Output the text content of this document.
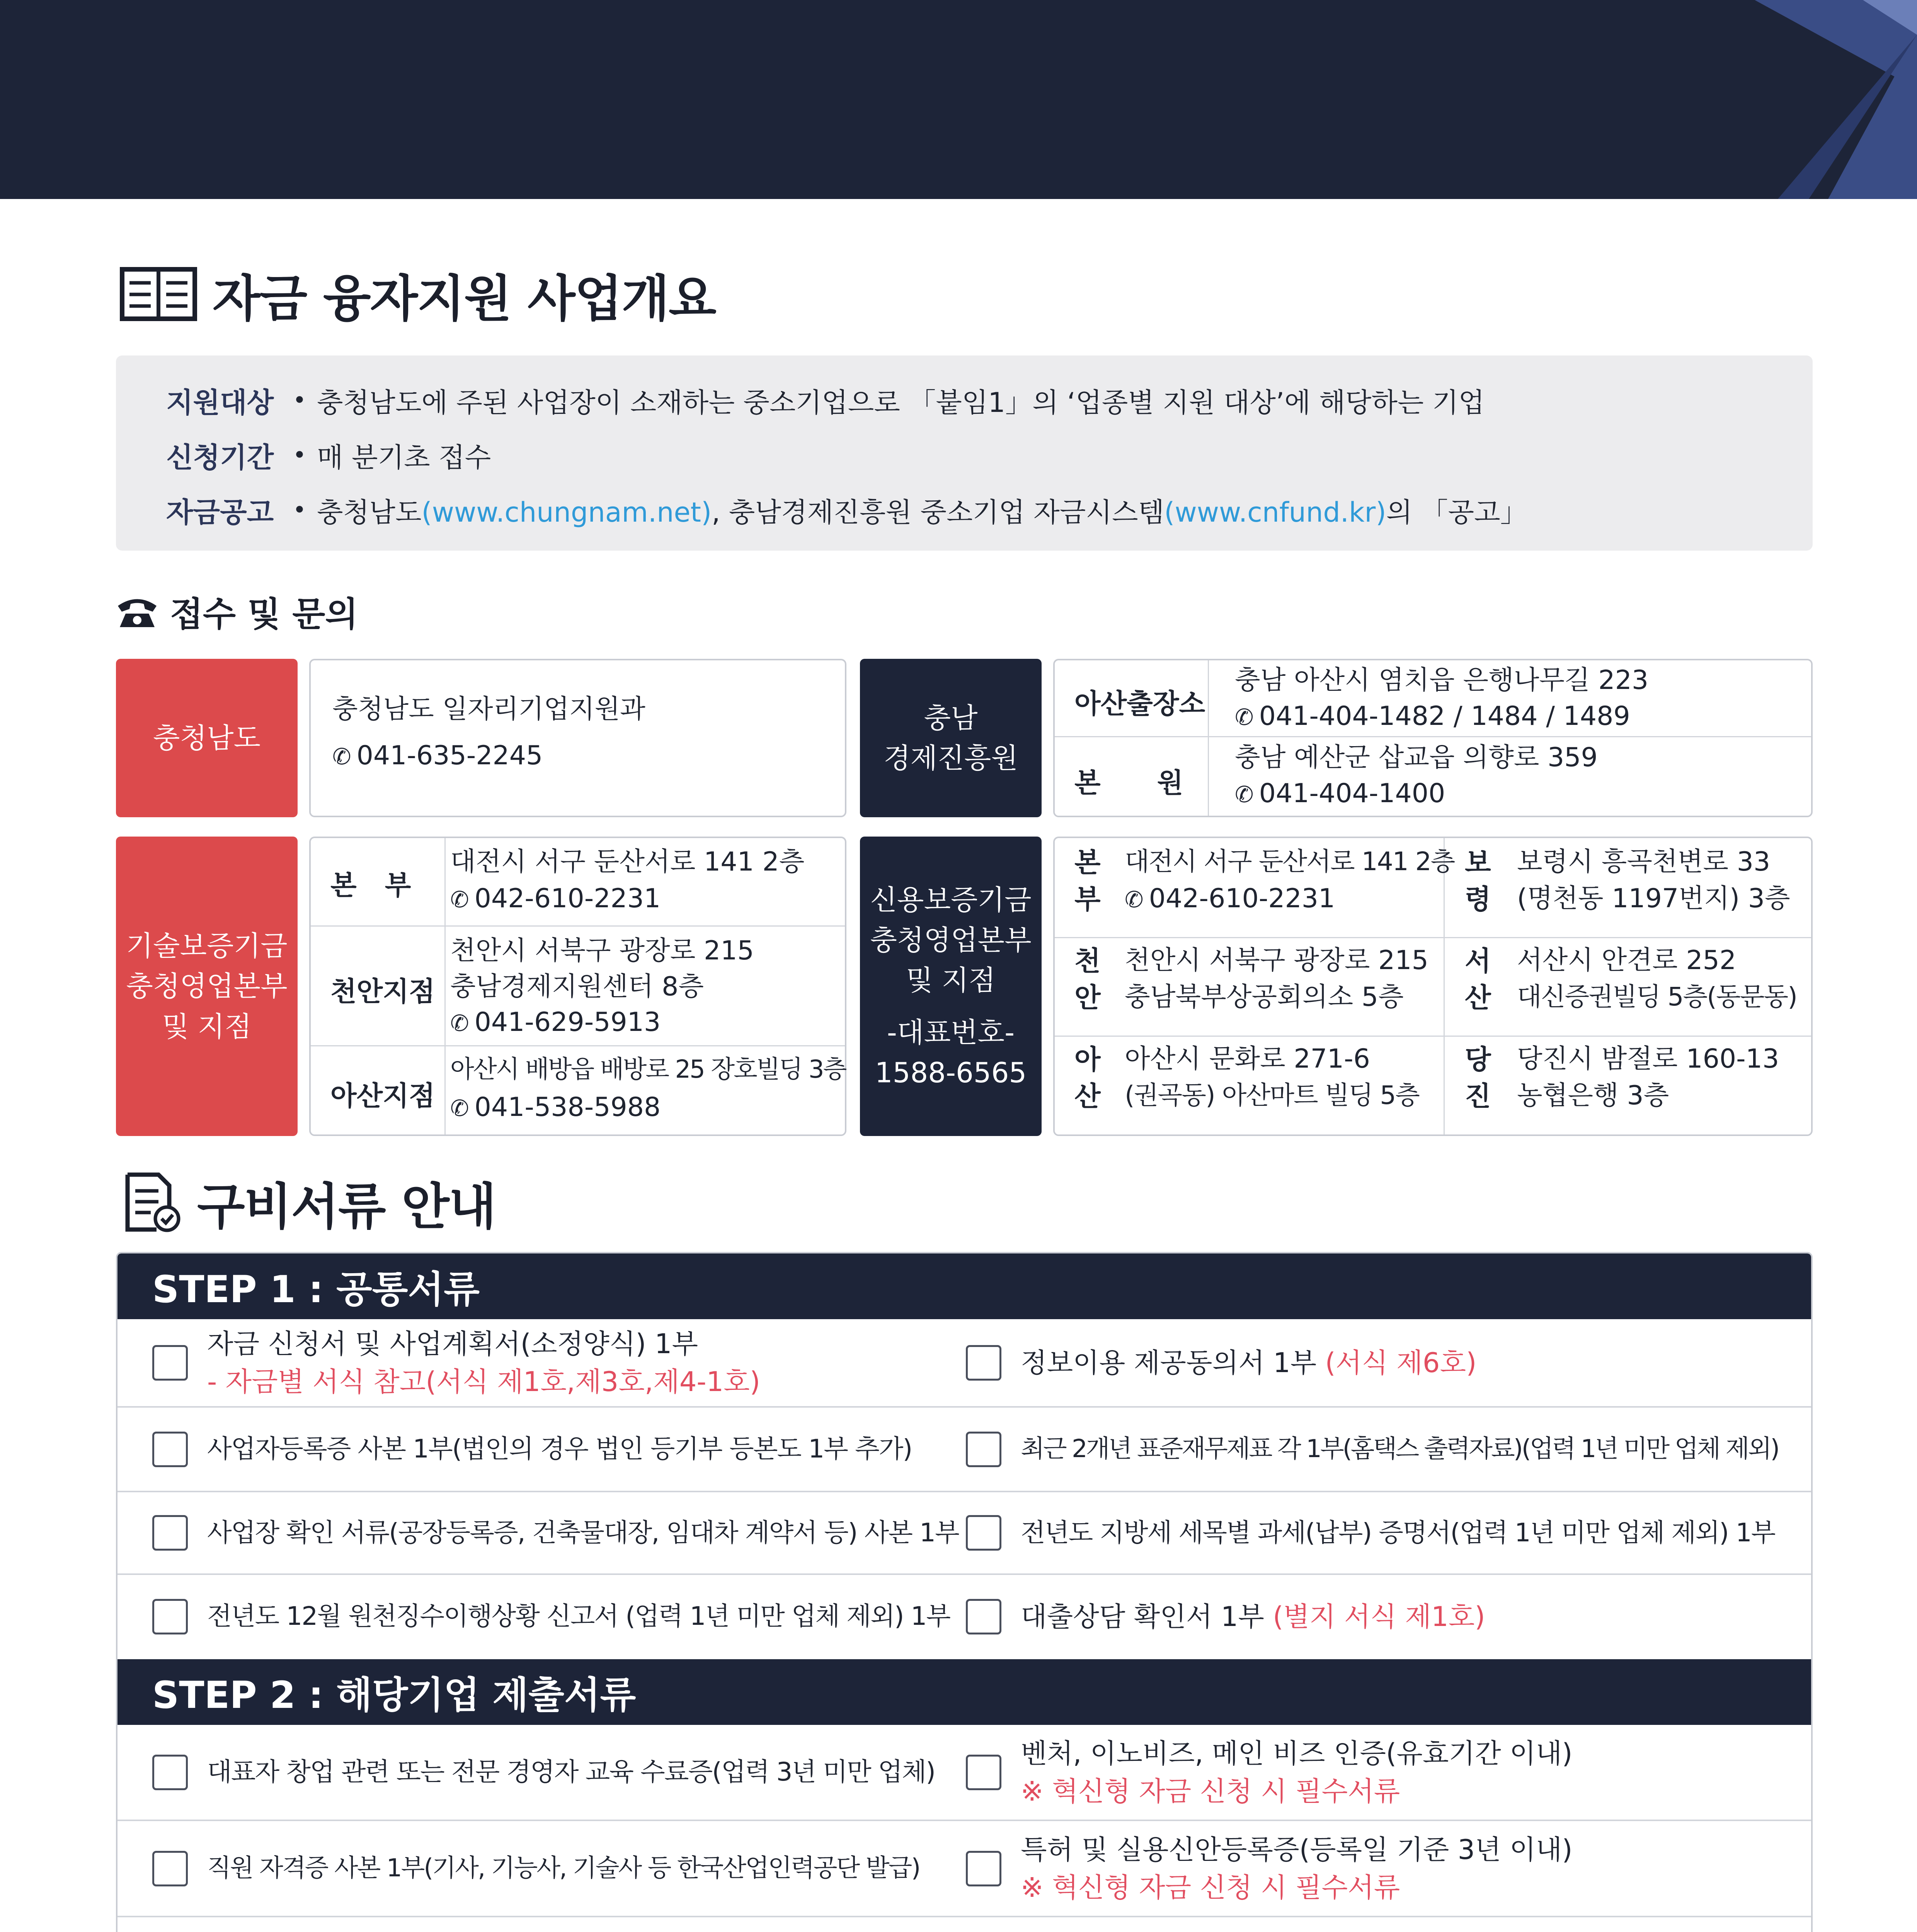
자금 융자지원 사업개요
지원대상 • 충청남도에 주된 사업장이 소재하는 중소기업으로 「붙임1」의 ‘업종별 지원 대상’에 해당하는 기업
신청기간 • 매 분기초 접수
자금공고 • 충청남도(www.chungnam.net), 충남경제진흥원 중소기업 자금시스템(www.cnfund.kr)의 「공고」
접수 및 문의
충청남도
충청남도 일자리기업지원과
✆ 041-635-2245
충남
경제진흥원
아산출장소
충남 아산시 염치읍 은행나무길 223
✆ 041-404-1482 / 1484 / 1489
본      원
충남 예산군 삽교읍 의향로 359
✆ 041-404-1400
기술보증기금
충청영업본부
및 지점
본   부
대전시 서구 둔산서로 141 2층
✆ 042-610-2231
천안지점
천안시 서북구 광장로 215
충남경제지원센터 8층
✆ 041-629-5913
아산지점
아산시 배방읍 배방로 25 장호빌딩 3층
✆ 041-538-5988
신용보증기금
충청영업본부
및 지점
-대표번호-
1588-6565
본
부
대전시 서구 둔산서로 141 2층
✆ 042-610-2231
보
령
보령시 흥곡천변로 33
(명천동 1197번지) 3층
천
안
천안시 서북구 광장로 215
충남북부상공회의소 5층
서
산
서산시 안견로 252
대신증권빌딩 5층(동문동)
아
산
아산시 문화로 271-6
(권곡동) 아산마트 빌딩 5층
당
진
당진시 밤절로 160-13
농협은행 3층
구비서류 안내
STEP 1 : 공통서류
자금 신청서 및 사업계획서(소정양식) 1부
- 자금별 서식 참고(서식 제1호,제3호,제4-1호)
정보이용 제공동의서 1부 (서식 제6호)
사업자등록증 사본 1부(법인의 경우 법인 등기부 등본도 1부 추가)	최근 2개년 표준재무제표 각 1부(홈택스 출력자료)(업력 1년 미만 업체 제외)
사업장 확인 서류(공장등록증, 건축물대장, 임대차 계약서 등) 사본 1부 전년도 지방세 세목별 과세(납부) 증명서(업력 1년 미만 업체 제외) 1부
전년도 12월 원천징수이행상황 신고서 (업력 1년 미만 업체 제외) 1부	대출상담 확인서 1부 (별지 서식 제1호)
STEP 2 : 해당기업 제출서류
대표자 창업 관련 또는 전문 경영자 교육 수료증(업력 3년 미만 업체)
벤처, 이노비즈, 메인 비즈 인증(유효기간 이내)
※ 혁신형 자금 신청 시 필수서류
직원 자격증 사본 1부(기사, 기능사, 기술사 등 한국산업인력공단 발급)
특허 및 실용신안등록증(등록일 기준 3년 이내)
※ 혁신형 자금 신청 시 필수서류
